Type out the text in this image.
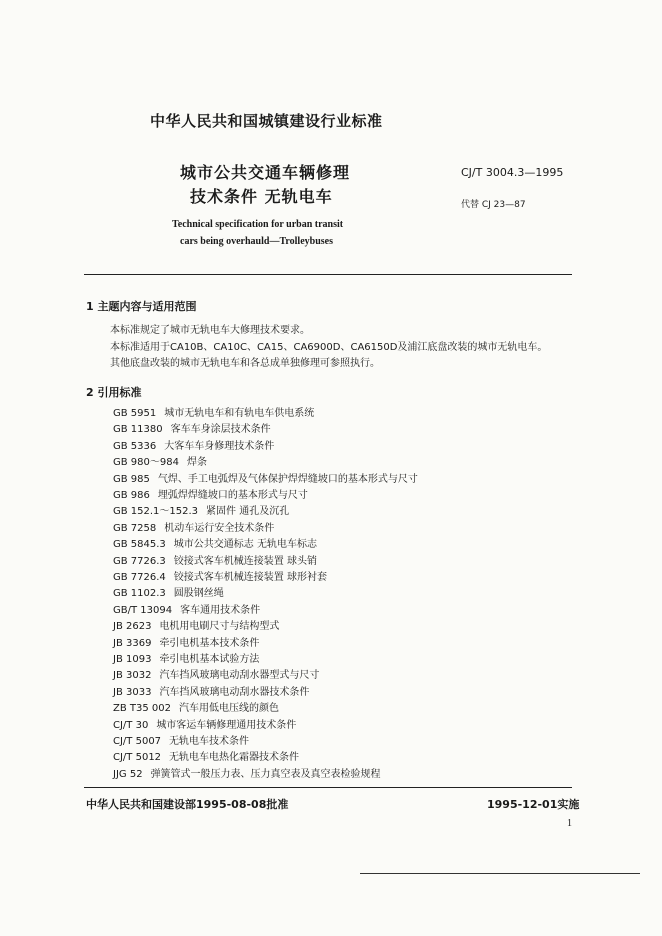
中华人民共和国城镇建设行业标准
城市公共交通车辆修理
技术条件 无轨电车
CJ/T 3004.3—1995
代替 CJ 23—87
Technical specification for urban transit
cars being overhauld—Trolleybuses
1 主题内容与适用范围
本标准规定了城市无轨电车大修理技术要求。
本标准适用于CA10B、CA10C、CA15、CA6900D、CA6150D及浦江底盘改装的城市无轨电车。
其他底盘改装的城市无轨电车和各总成单独修理可参照执行。
2 引用标准
GB 5951 城市无轨电车和有轨电车供电系统
GB 11380 客车车身涂层技术条件
GB 5336 大客车车身修理技术条件
GB 980～984 焊条
GB 985 气焊、手工电弧焊及气体保护焊焊缝坡口的基本形式与尺寸
GB 986 埋弧焊焊缝坡口的基本形式与尺寸
GB 152.1～152.3 紧固件 通孔及沉孔
GB 7258 机动车运行安全技术条件
GB 5845.3 城市公共交通标志 无轨电车标志
GB 7726.3 铰接式客车机械连接装置 球头销
GB 7726.4 铰接式客车机械连接装置 球形衬套
GB 1102.3 圆股钢丝绳
GB/T 13094 客车通用技术条件
JB 2623 电机用电刷尺寸与结构型式
JB 3369 牵引电机基本技术条件
JB 1093 牵引电机基本试验方法
JB 3032 汽车挡风玻璃电动刮水器型式与尺寸
JB 3033 汽车挡风玻璃电动刮水器技术条件
ZB T35 002 汽车用低电压线的颜色
CJ/T 30 城市客运车辆修理通用技术条件
CJ/T 5007 无轨电车技术条件
CJ/T 5012 无轨电车电热化霜器技术条件
JJG 52 弹簧管式一般压力表、压力真空表及真空表检验规程
中华人民共和国建设部1995-08-08批准	1995-12-01实施
1
